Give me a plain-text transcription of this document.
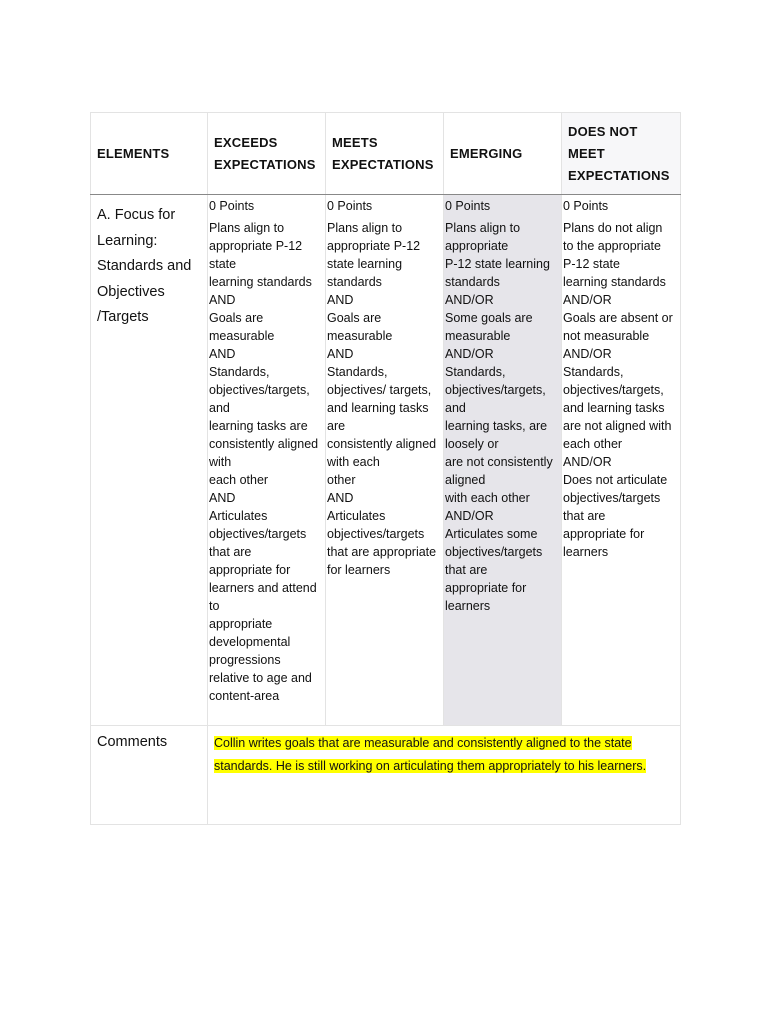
ELEMENTS
EXCEEDS
EXPECTATIONS
MEETS
EXPECTATIONS
EMERGING
DOES NOT
MEET
EXPECTATIONS
A. Focus for Learning: Standards and Objectives /Targets
0 Points
Plans align to
appropriate P-12
state
learning standards
AND
Goals are
measurable
AND
Standards,
objectives/targets,
and
learning tasks are
consistently aligned
with
each other
AND
Articulates
objectives/targets
that are
appropriate for
learners and attend
to
appropriate
developmental
progressions
relative to age and
content-area
0 Points
Plans align to
appropriate P-12
state learning
standards
AND
Goals are
measurable
AND
Standards,
objectives/ targets,
and learning tasks
are
consistently aligned
with each
other
AND
Articulates
objectives/targets
that are appropriate
for learners
0 Points
Plans align to
appropriate
P-12 state learning
standards
AND/OR
Some goals are
measurable
AND/OR
Standards,
objectives/targets,
and
learning tasks, are
loosely or
are not consistently
aligned
with each other
AND/OR
Articulates some
objectives/targets
that are
appropriate for
learners
0 Points
Plans do not align
to the appropriate
P-12 state
learning standards
AND/OR
Goals are absent or
not measurable
AND/OR
Standards,
objectives/targets,
and learning tasks
are not aligned with
each other
AND/OR
Does not articulate
objectives/targets
that are
appropriate for
learners
Comments	Collin writes goals that are measurable and consistently aligned to the state standards. He is still working on articulating them appropriately to his learners.
